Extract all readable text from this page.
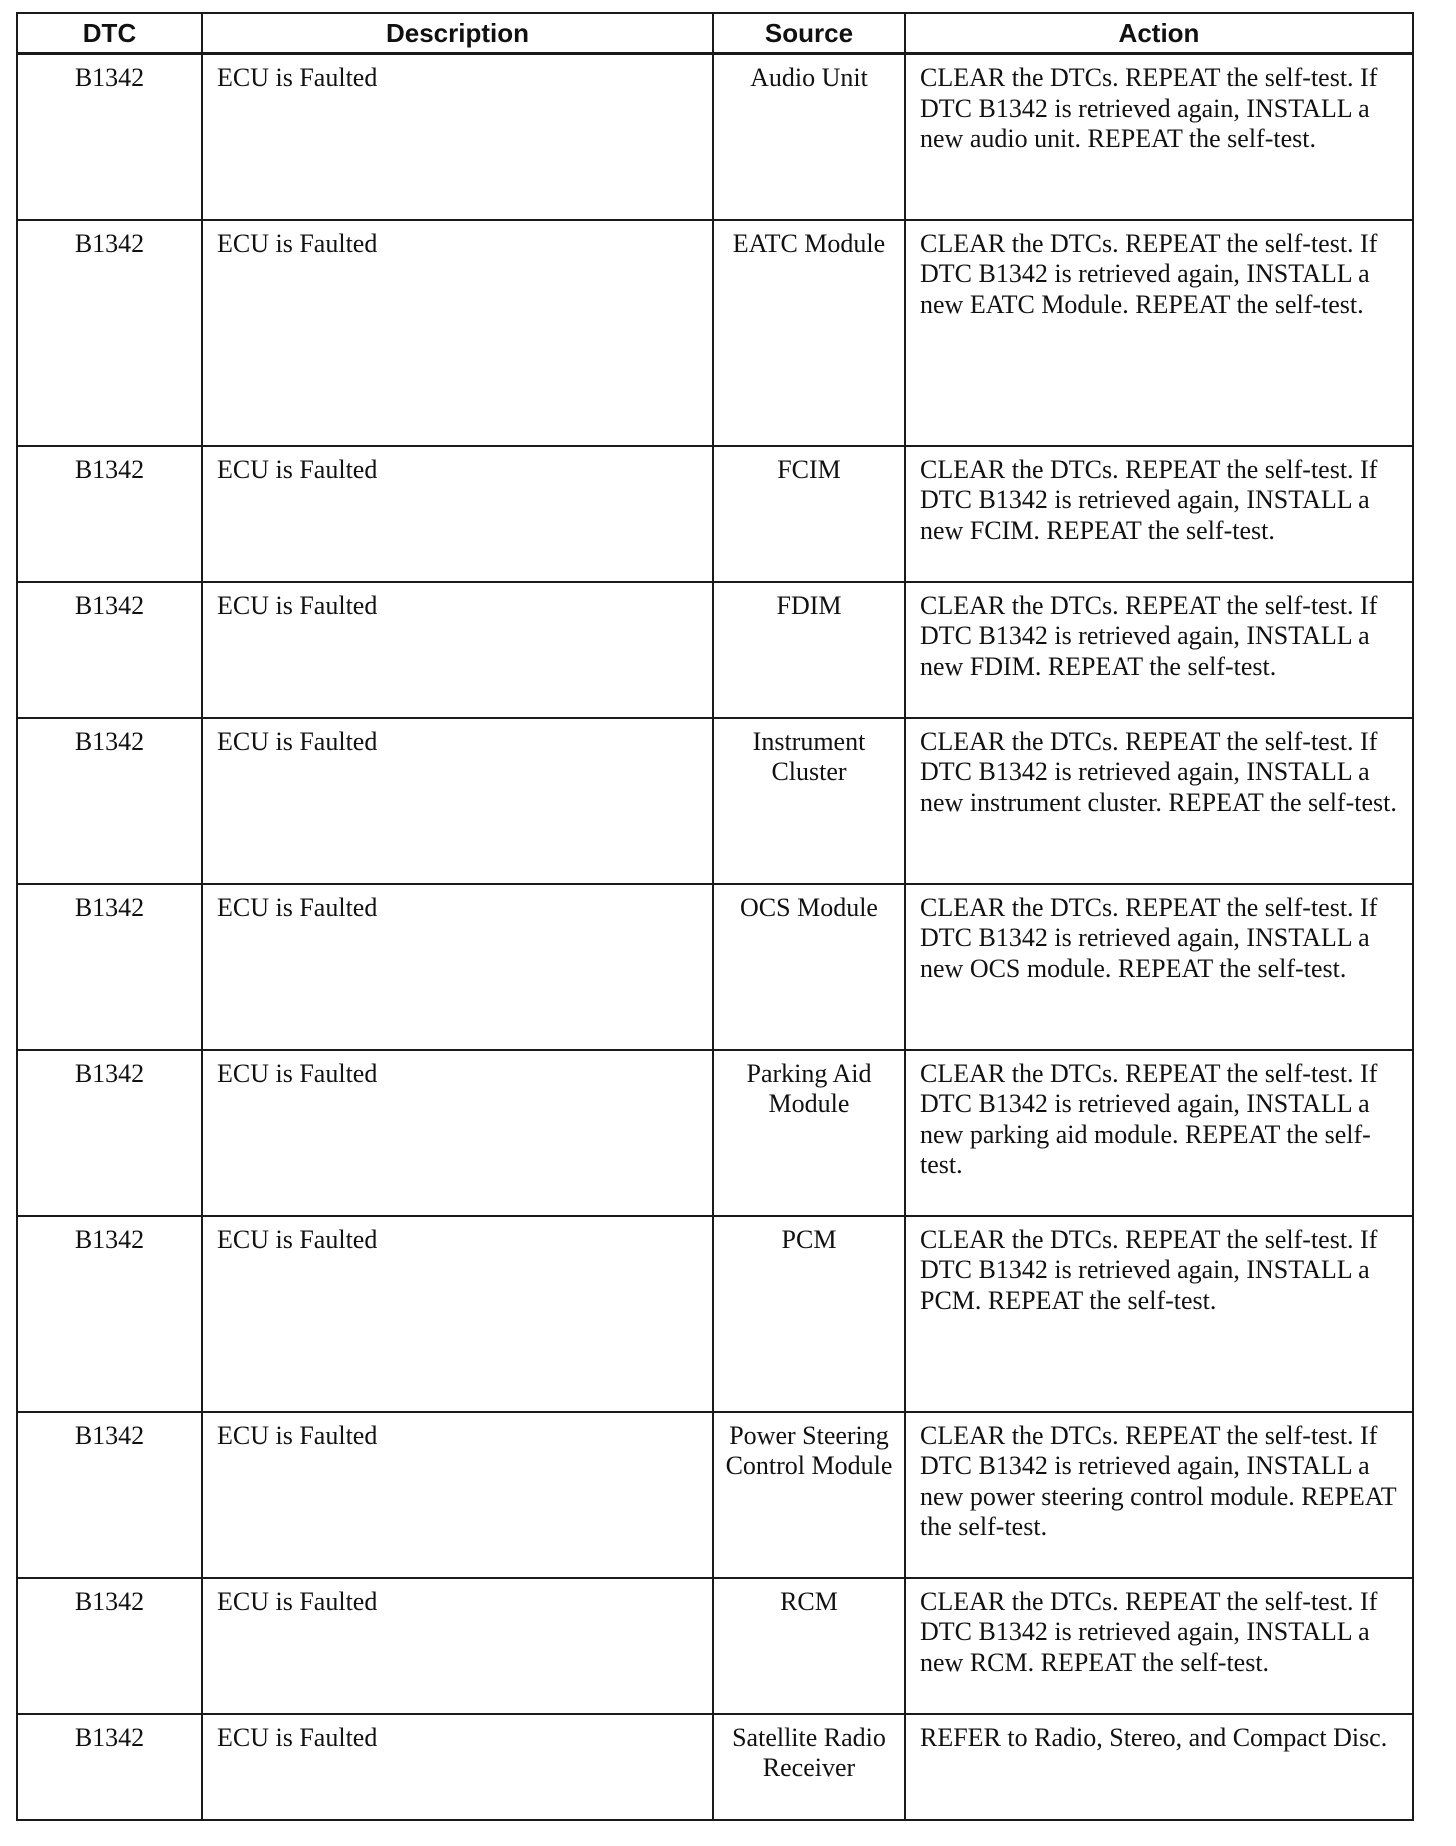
DTC	Description	Source	Action
B1342	ECU is Faulted	Audio Unit	CLEAR the DTCs. REPEAT the self-test. If DTC B1342 is retrieved again, INSTALL a new audio unit. REPEAT the self-test.
B1342	ECU is Faulted	EATC Module	CLEAR the DTCs. REPEAT the self-test. If DTC B1342 is retrieved again, INSTALL a new EATC Module. REPEAT the self-test.
B1342	ECU is Faulted	FCIM	CLEAR the DTCs. REPEAT the self-test. If DTC B1342 is retrieved again, INSTALL a new FCIM. REPEAT the self-test.
B1342	ECU is Faulted	FDIM	CLEAR the DTCs. REPEAT the self-test. If DTC B1342 is retrieved again, INSTALL a new FDIM. REPEAT the self-test.
B1342	ECU is Faulted	Instrument Cluster	CLEAR the DTCs. REPEAT the self-test. If DTC B1342 is retrieved again, INSTALL a new instrument cluster. REPEAT the self-test.
B1342	ECU is Faulted	OCS Module	CLEAR the DTCs. REPEAT the self-test. If DTC B1342 is retrieved again, INSTALL a new OCS module. REPEAT the self-test.
B1342	ECU is Faulted	Parking Aid Module	CLEAR the DTCs. REPEAT the self-test. If DTC B1342 is retrieved again, INSTALL a new parking aid module. REPEAT the self-test.
B1342	ECU is Faulted	PCM	CLEAR the DTCs. REPEAT the self-test. If DTC B1342 is retrieved again, INSTALL a PCM. REPEAT the self-test.
B1342	ECU is Faulted	Power Steering Control Module	CLEAR the DTCs. REPEAT the self-test. If DTC B1342 is retrieved again, INSTALL a new power steering control module. REPEAT the self-test.
B1342	ECU is Faulted	RCM	CLEAR the DTCs. REPEAT the self-test. If DTC B1342 is retrieved again, INSTALL a new RCM. REPEAT the self-test.
B1342	ECU is Faulted	Satellite Radio Receiver	REFER to Radio, Stereo, and Compact Disc.
